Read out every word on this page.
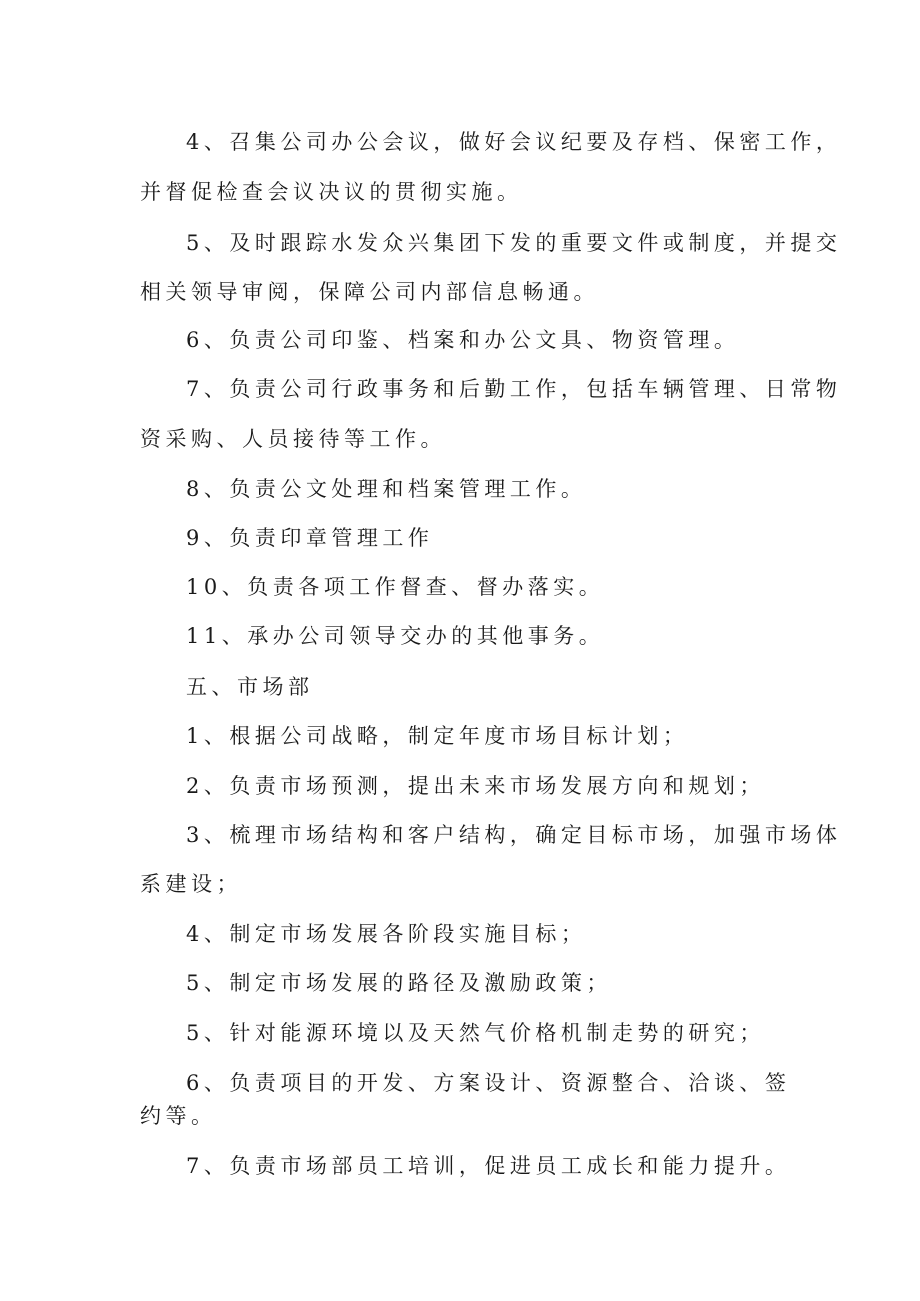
4、召集公司办公会议，做好会议纪要及存档、保密工作，
并督促检查会议决议的贯彻实施。
5、及时跟踪水发众兴集团下发的重要文件或制度，并提交
相关领导审阅，保障公司内部信息畅通。
6、负责公司印鉴、档案和办公文具、物资管理。
7、负责公司行政事务和后勤工作，包括车辆管理、日常物
资采购、人员接待等工作。
8、负责公文处理和档案管理工作。
9、负责印章管理工作
10、负责各项工作督查、督办落实。
11、承办公司领导交办的其他事务。
五、市场部
1、根据公司战略，制定年度市场目标计划；
2、负责市场预测，提出未来市场发展方向和规划；
3、梳理市场结构和客户结构，确定目标市场，加强市场体
系建设；
4、制定市场发展各阶段实施目标；
5、制定市场发展的路径及激励政策；
5、针对能源环境以及天然气价格机制走势的研究；
6、负责项目的开发、方案设计、资源整合、洽谈、签
约等。
7、负责市场部员工培训，促进员工成长和能力提升。
